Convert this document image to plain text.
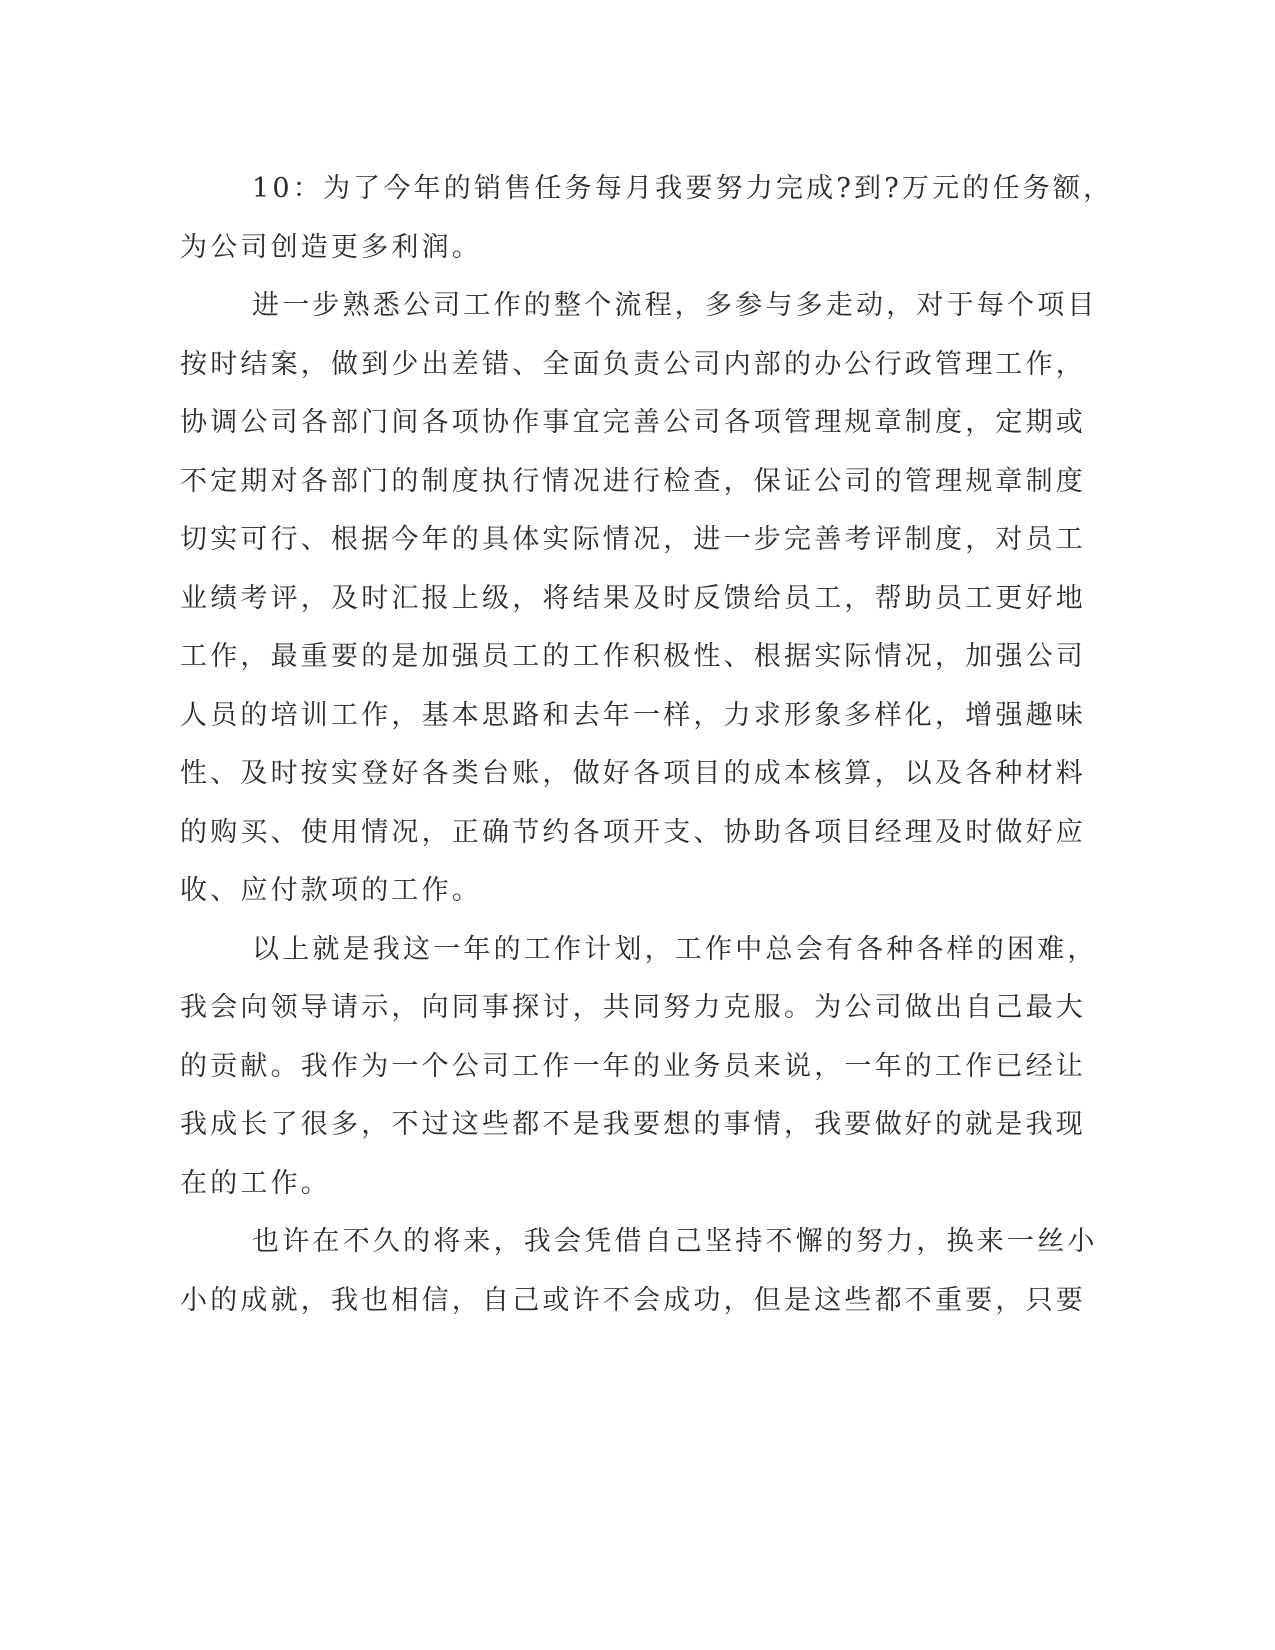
10：为了今年的销售任务每月我要努力完成?到?万元的任务额，
为公司创造更多利润。

进一步熟悉公司工作的整个流程，多参与多走动，对于每个项目
按时结案，做到少出差错、全面负责公司内部的办公行政管理工作，
协调公司各部门间各项协作事宜完善公司各项管理规章制度，定期或
不定期对各部门的制度执行情况进行检查，保证公司的管理规章制度
切实可行、根据今年的具体实际情况，进一步完善考评制度，对员工
业绩考评，及时汇报上级，将结果及时反馈给员工，帮助员工更好地
工作，最重要的是加强员工的工作积极性、根据实际情况，加强公司
人员的培训工作，基本思路和去年一样，力求形象多样化，增强趣味
性、及时按实登好各类台账，做好各项目的成本核算，以及各种材料
的购买、使用情况，正确节约各项开支、协助各项目经理及时做好应
收、应付款项的工作。

以上就是我这一年的工作计划，工作中总会有各种各样的困难，
我会向领导请示，向同事探讨，共同努力克服。为公司做出自己最大
的贡献。我作为一个公司工作一年的业务员来说，一年的工作已经让
我成长了很多，不过这些都不是我要想的事情，我要做好的就是我现
在的工作。

也许在不久的将来，我会凭借自己坚持不懈的努力，换来一丝小
小的成就，我也相信，自己或许不会成功，但是这些都不重要，只要
